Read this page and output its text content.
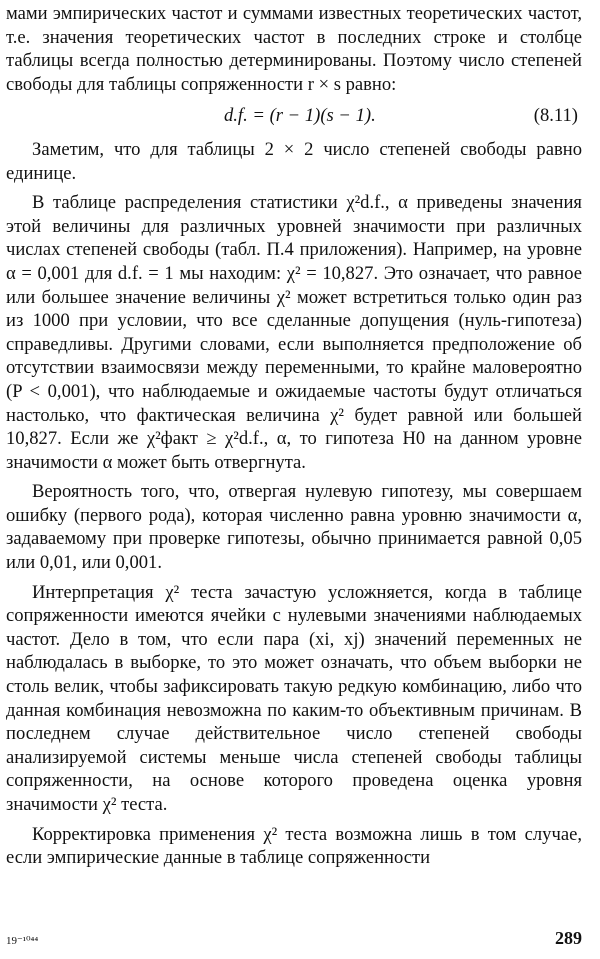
мами эмпирических частот и суммами известных теоретических частот, т.е. значения теоретических частот в последних строке и столбце таблицы всегда полностью детерминированы. Поэтому число степеней свободы для таблицы сопряженности r × s равно:

d.f. = (r − 1)(s − 1).	(8.11)

Заметим, что для таблицы 2 × 2 число степеней свободы равно единице.

В таблице распределения статистики χ²d.f., α приведены значения этой величины для различных уровней значимости при различных числах степеней свободы (табл. П.4 приложения). Например, на уровне α = 0,001 для d.f. = 1 мы находим: χ² = 10,827. Это означает, что равное или большее значение величины χ² может встретиться только один раз из 1000 при условии, что все сделанные допущения (нуль-гипотеза) справедливы. Другими словами, если выполняется предположение об отсутствии взаимосвязи между переменными, то крайне маловероятно (P < 0,001), что наблюдаемые и ожидаемые частоты будут отличаться настолько, что фактическая величина χ² будет равной или большей 10,827. Если же χ²факт ≥ χ²d.f., α, то гипотеза H0 на данном уровне значимости α может быть отвергнута.

Вероятность того, что, отвергая нулевую гипотезу, мы совершаем ошибку (первого рода), которая численно равна уровню значимости α, задаваемому при проверке гипотезы, обычно принимается равной 0,05 или 0,01, или 0,001.

Интерпретация χ² теста зачастую усложняется, когда в таблице сопряженности имеются ячейки с нулевыми значениями наблюдаемых частот. Дело в том, что если пара (xi, xj) значений переменных не наблюдалась в выборке, то это может означать, что объем выборки не столь велик, чтобы зафиксировать такую редкую комбинацию, либо что данная комбинация невозможна по каким-то объективным причинам. В последнем случае действительное число степеней свободы анализируемой системы меньше числа степеней свободы таблицы сопряженности, на основе которого проведена оценка уровня значимости χ² теста.

Корректировка применения χ² теста возможна лишь в том случае, если эмпирические данные в таблице сопряженности

19⁻¹⁰⁴⁴	289
